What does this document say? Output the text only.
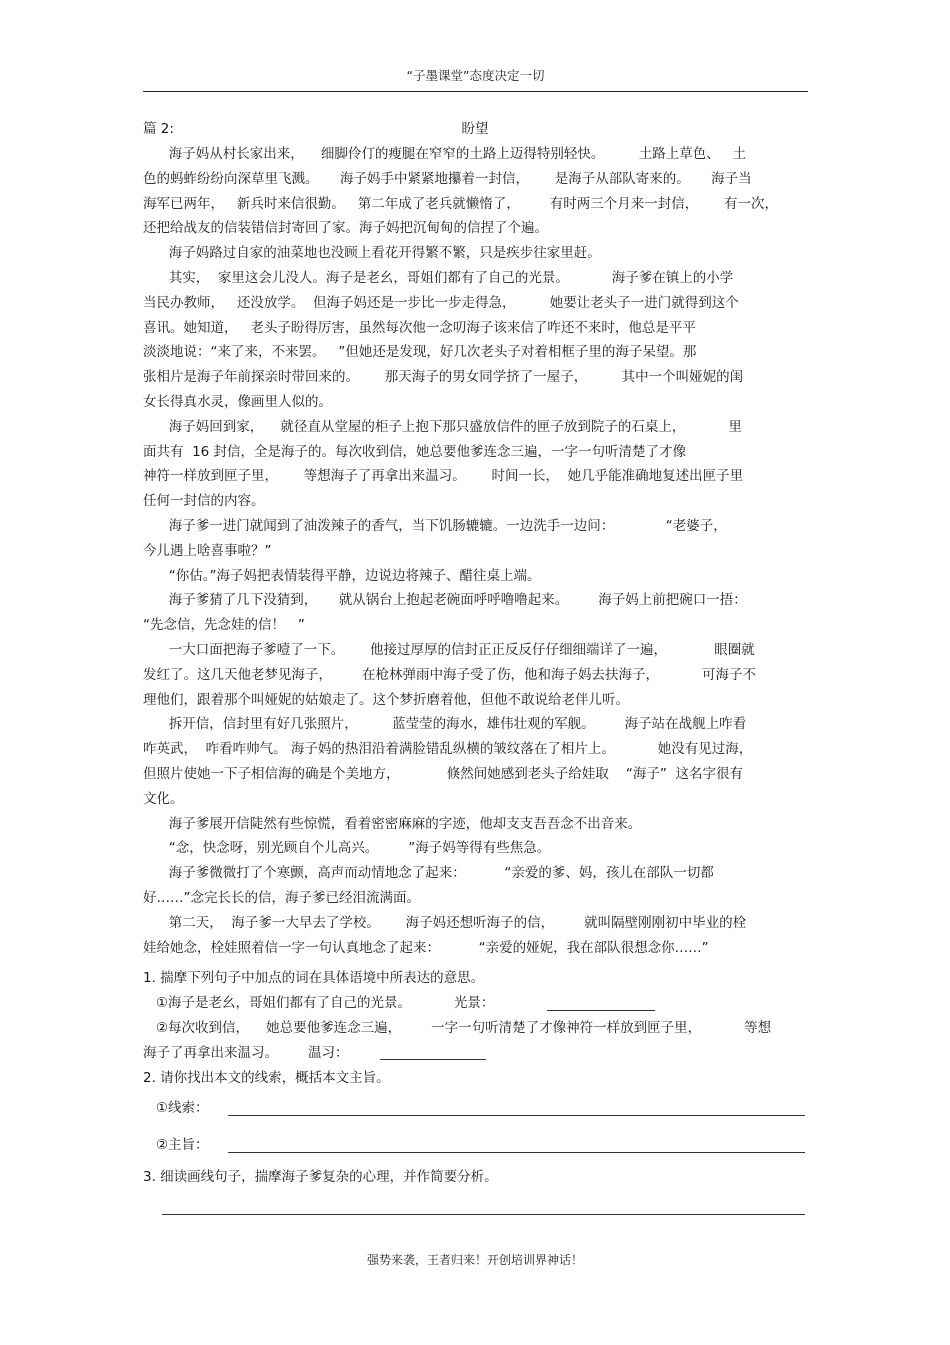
“子墨课堂”态度决定一切
篇 2:	盼望
海子妈从村长家出来，    细脚伶仃的瘦腿在窄窄的土路上迈得特别轻快。        土路上草色、   土
色的蚂蚱纷纷向深草里飞溅。     海子妈手中紧紧地攥着一封信，      是海子从部队寄来的。     海子当
海军已两年，   新兵时来信很勤。   第二年成了老兵就懒惰了，       有时两三个月来一封信，      有一次，
还把给战友的信装错信封寄回了家。海子妈把沉甸甸的信捏了个遍。
海子妈路过自家的油菜地也没顾上看花开得繁不繁，只是疾步往家里赶。
其实，  家里这会儿没人。海子是老幺，哥姐们都有了自己的光景。          海子爹在镇上的小学
当民办教师，   还没放学。  但海子妈还是一步比一步走得急，        她要让老头子一进门就得到这个
喜讯。她知道，   老头子盼得厉害，虽然每次他一念叨海子该来信了咋还不来时，他总是平平
淡淡地说：“来了来，不来罢。   ”但她还是发现，好几次老头子对着相框子里的海子呆望。那
张相片是海子年前探亲时带回来的。      那天海子的男女同学挤了一屋子，        其中一个叫娅妮的闺
女长得真水灵，像画里人似的。
海子妈回到家，    就径直从堂屋的柜子上抱下那只盛放信件的匣子放到院子的石桌上，          里
面共有  16 封信，全是海子的。每次收到信，她总要他爹连念三遍，一字一句听清楚了才像
神符一样放到匣子里，      等想海子了再拿出来温习。      时间一长，  她几乎能准确地复述出匣子里
任何一封信的内容。
海子爹一进门就闻到了油泼辣子的香气，当下饥肠辘辘。一边洗手一边问：            “老婆子，
今儿遇上啥喜事啦？”
“你估。”海子妈把表情装得平静，边说边将辣子、醋往桌上端。
海子爹猜了几下没猜到，     就从锅台上抱起老碗面呼呼噜噜起来。       海子妈上前把碗口一捂：
“先念信，先念娃的信！   ”
一大口面把海子爹噎了一下。      他接过厚厚的信封正正反反仔仔细细端详了一遍，           眼圈就
发红了。这几天他老梦见海子，       在枪林弹雨中海子受了伤，他和海子妈去扶海子，          可海子不
理他们，跟着那个叫娅妮的姑娘走了。这个梦折磨着他，但他不敢说给老伴儿听。
拆开信，信封里有好几张照片，        蓝莹莹的海水，雄伟壮观的军舰。       海子站在战舰上咋看
咋英武，  咋看咋帅气。 海子妈的热泪沿着满脸错乱纵横的皱纹落在了相片上。          她没有见过海，
但照片使她一下子相信海的确是个美地方，           倏然间她感到老头子给娃取    “海子”  这名字很有
文化。
海子爹展开信陡然有些惊慌，看着密密麻麻的字迹，他却支支吾吾念不出音来。
“念，快念呀，别光顾自个儿高兴。       ”海子妈等得有些焦急。
海子爹微微打了个寒颤，高声而动情地念了起来：         “亲爱的爹、妈，孩儿在部队一切都
好……”念完长长的信，海子爹已经泪流满面。
第二天，  海子爹一大早去了学校。      海子妈还想听海子的信，       就叫隔壁刚刚初中毕业的栓
娃给她念，栓娃照着信一字一句认真地念了起来：         “亲爱的娅妮，我在部队很想念你……”
1. 揣摩下列句子中加点的词在具体语境中所表达的意思。
①海子是老幺，哥姐们都有了自己的光景。          光景：
②每次收到信，    她总要他爹连念三遍，       一字一句听清楚了才像神符一样放到匣子里，          等想
海子了再拿出来温习。       温习：
2. 请你找出本文的线索，概括本文主旨。
①线索：
②主旨：
3. 细读画线句子，揣摩海子爹复杂的心理，并作简要分析。
强势来袭，王者归来！开创培训界神话！
